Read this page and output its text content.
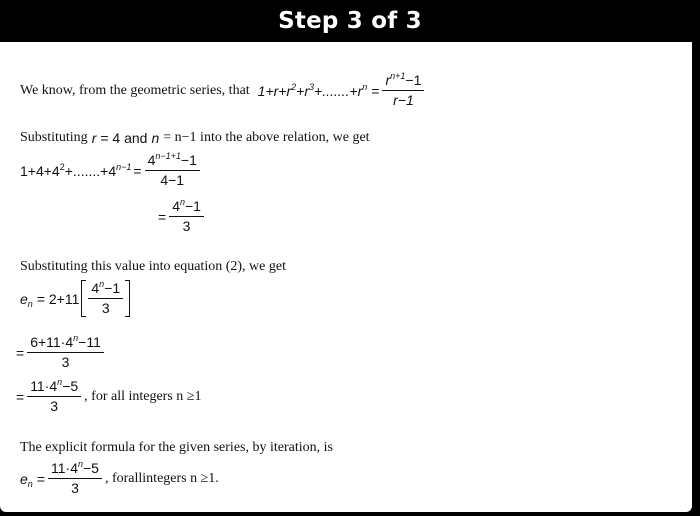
Step 3 of 3
We know, from the geometric series, that $1+r+r^2+r^3+.......+r^n = \frac{r^{n+1}-1}{r-1}$
Substituting r = 4 and n = n−1 into the above relation, we get
$1+4+4^2+.......+4^{n-1} = \frac{4^{n-1+1}-1}{4-1}$
= $\frac{4^n-1}{3}$
Substituting this value into equation (2), we get
$e_n = 2+11 \frac{4^n-1}{3}$
= $\frac{6+11\cdot 4^n-11}{3}$
= $\frac{11\cdot 4^n-5}{3}$ , for all integers n ≥1
The explicit formula for the given series, by iteration, is
$e_n = \frac{11\cdot 4^n-5}{3}$ , forallintegers n ≥1.
